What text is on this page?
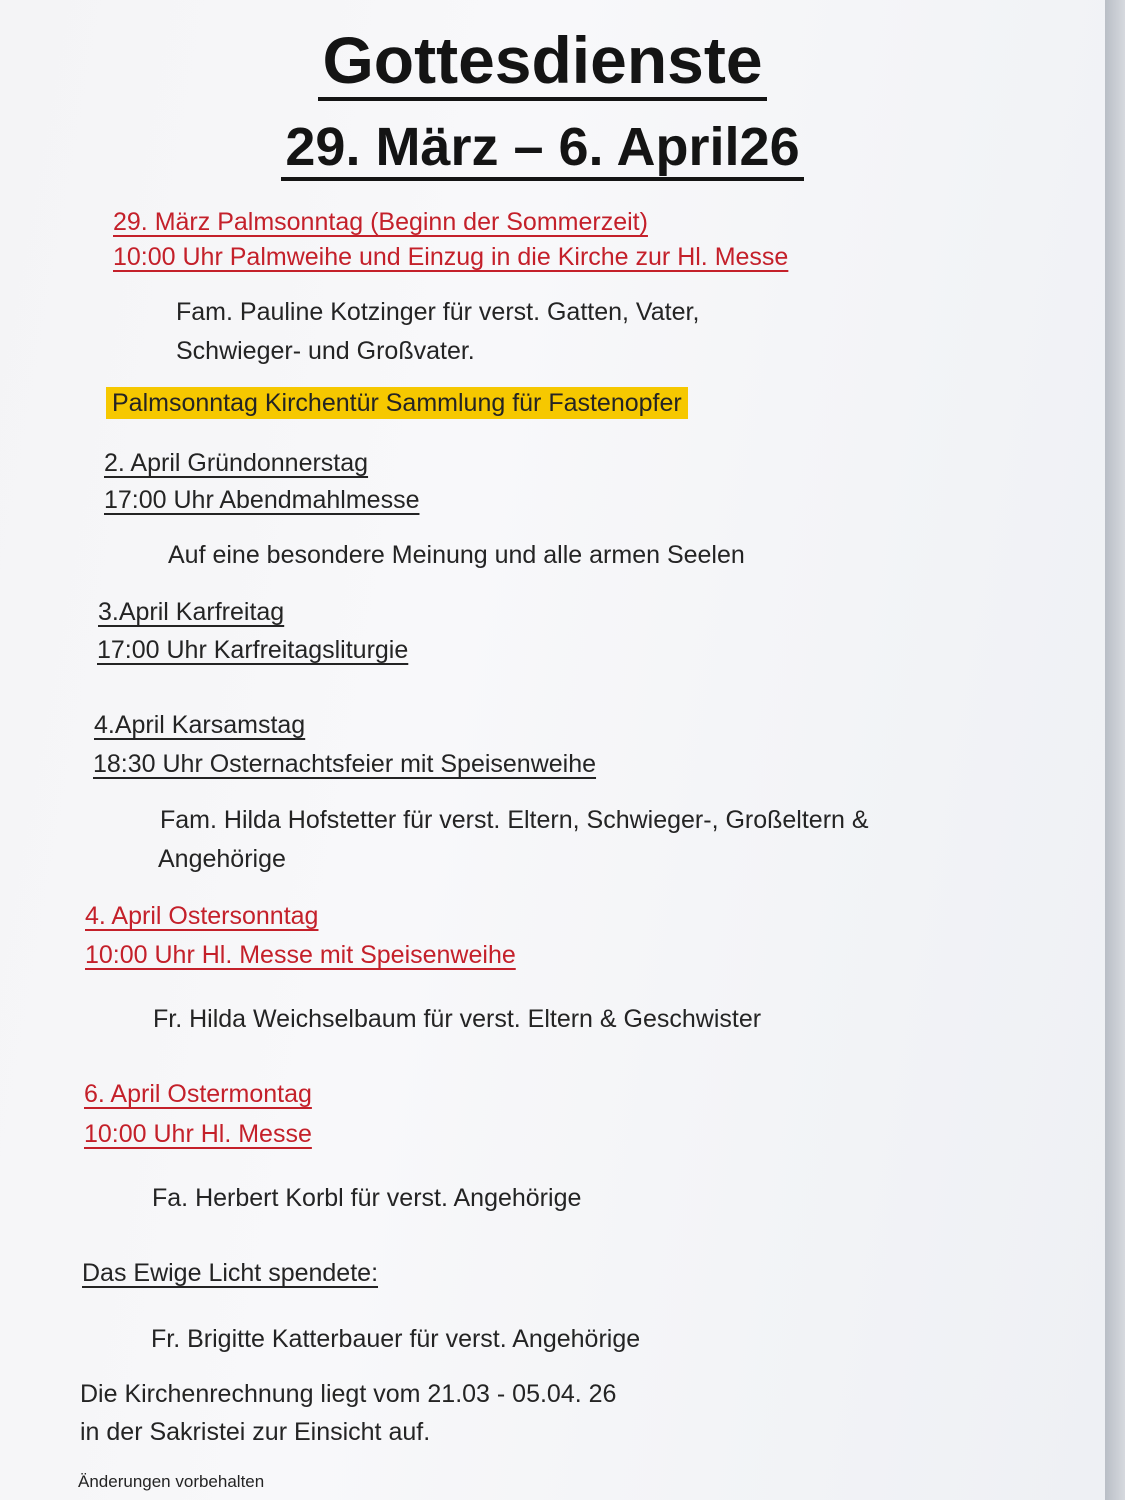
Gottesdienste
29. März – 6. April26

29. März Palmsonntag (Beginn der Sommerzeit)

10:00 Uhr Palmweihe und Einzug in die Kirche zur Hl. Messe

Fam. Pauline Kotzinger für verst. Gatten, Vater,

Schwieger- und Großvater.

Palmsonntag Kirchentür Sammlung für Fastenopfer

2. April Gründonnerstag

17:00 Uhr Abendmahlmesse

Auf eine besondere Meinung und alle armen Seelen

3.April Karfreitag

17:00 Uhr Karfreitagsliturgie

4.April Karsamstag

18:30 Uhr Osternachtsfeier mit Speisenweihe

Fam. Hilda Hofstetter für verst. Eltern, Schwieger-, Großeltern &

Angehörige

4. April Ostersonntag

10:00 Uhr Hl. Messe mit Speisenweihe

Fr. Hilda Weichselbaum für verst. Eltern & Geschwister

6. April Ostermontag

10:00 Uhr Hl. Messe

Fa. Herbert Korbl für verst. Angehörige

Das Ewige Licht spendete:

Fr. Brigitte Katterbauer für verst. Angehörige

Die Kirchenrechnung liegt vom 21.03 - 05.04. 26

in der Sakristei zur Einsicht auf.

Änderungen vorbehalten
